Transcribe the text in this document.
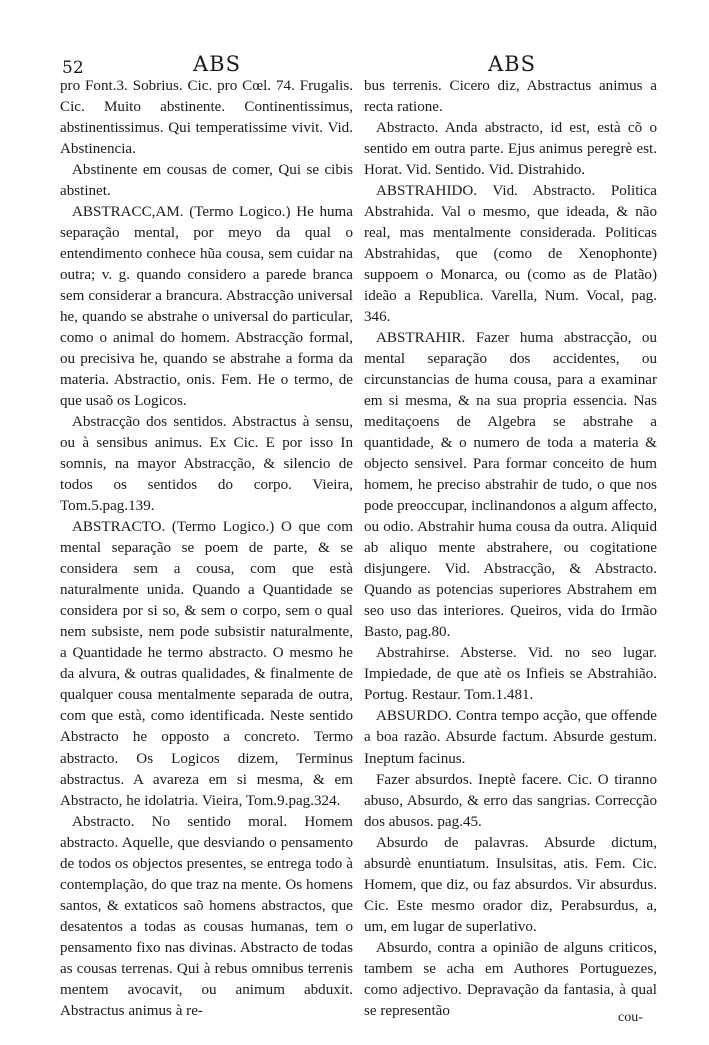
52	ABS	ABS

pro Font.3. Sobrius. Cic. pro Cœl. 74. Frugalis. Cic. Muito abstinente. Continentissimus, abstinentissimus. Qui temperatissime vivit. Vid. Abstinencia.

Abstinente em cousas de comer, Qui se cibis abstinet.

ABSTRACC,AM. (Termo Logico.) He huma separação mental, por meyo da qual o entendimento conhece hũa cousa, sem cuidar na outra; v. g. quando considero a parede branca sem considerar a brancura. Abstracção universal he, quando se abstrahe o universal do particular, como o animal do homem. Abstracção formal, ou precisiva he, quando se abstrahe a forma da materia. Abstractio, onis. Fem. He o termo, de que usaõ os Logicos.

Abstracção dos sentidos. Abstractus à sensu, ou à sensibus animus. Ex Cic. E por isso In somnis, na mayor Abstracção, & silencio de todos os sentidos do corpo. Vieira, Tom.5.pag.139.

ABSTRACTO. (Termo Logico.) O que com mental separação se poem de parte, & se considera sem a cousa, com que està naturalmente unida. Quando a Quantidade se considera por si so, & sem o corpo, sem o qual nem subsiste, nem pode subsistir naturalmente, a Quantidade he termo abstracto. O mesmo he da alvura, & outras qualidades, & finalmente de qualquer cousa mentalmente separada de outra, com que està, como identificada. Neste sentido Abstracto he opposto a concreto. Termo abstracto. Os Logicos dizem, Terminus abstractus. A avareza em si mesma, & em Abstracto, he idolatria. Vieira, Tom.9.pag.324.

Abstracto. No sentido moral. Homem abstracto. Aquelle, que desviando o pensamento de todos os objectos presentes, se entrega todo à contemplação, do que traz na mente. Os homens santos, & extaticos saõ homens abstractos, que desatentos a todas as cousas humanas, tem o pensamento fixo nas divinas. Abstracto de todas as cousas terrenas. Qui à rebus omnibus terrenis mentem avocavit, ou animum abduxit. Abstractus animus à re-

bus terrenis. Cicero diz, Abstractus animus a recta ratione.

Abstracto. Anda abstracto, id est, està cõ o sentido em outra parte. Ejus animus peregrè est. Horat. Vid. Sentido. Vid. Distrahido.

ABSTRAHIDO. Vid. Abstracto. Politica Abstrahida. Val o mesmo, que ideada, & não real, mas mentalmente considerada. Politicas Abstrahidas, que (como de Xenophonte) suppoem o Monarca, ou (como as de Platão) ideão a Republica. Varella, Num. Vocal, pag. 346.

ABSTRAHIR. Fazer huma abstracção, ou mental separação dos accidentes, ou circunstancias de huma cousa, para a examinar em si mesma, & na sua propria essencia. Nas meditaçoens de Algebra se abstrahe a quantidade, & o numero de toda a materia & objecto sensivel. Para formar conceito de hum homem, he preciso abstrahir de tudo, o que nos pode preoccupar, inclinandonos a algum affecto, ou odio. Abstrahir huma cousa da outra. Aliquid ab aliquo mente abstrahere, ou cogitatione disjungere. Vid. Abstracção, & Abstracto. Quando as potencias superiores Abstrahem em seo uso das interiores. Queiros, vida do Irmão Basto, pag.80.

Abstrahirse. Absterse. Vid. no seo lugar. Impiedade, de que atè os Infieis se Abstrahião. Portug. Restaur. Tom.1.481.

ABSURDO. Contra tempo acção, que offende a boa razão. Absurde factum. Absurde gestum. Ineptum facinus.

Fazer absurdos. Ineptè facere. Cic. O tiranno abuso, Absurdo, & erro das sangrias. Correcção dos abusos. pag.45.

Absurdo de palavras. Absurde dictum, absurdè enuntiatum. Insulsitas, atis. Fem. Cic. Homem, que diz, ou faz absurdos. Vir absurdus. Cic. Este mesmo orador diz, Perabsurdus, a, um, em lugar de superlativo.

Absurdo, contra a opinião de alguns criticos, tambem se acha em Authores Portuguezes, como adjectivo. Depravação da fantasia, à qual se representão	cou-
